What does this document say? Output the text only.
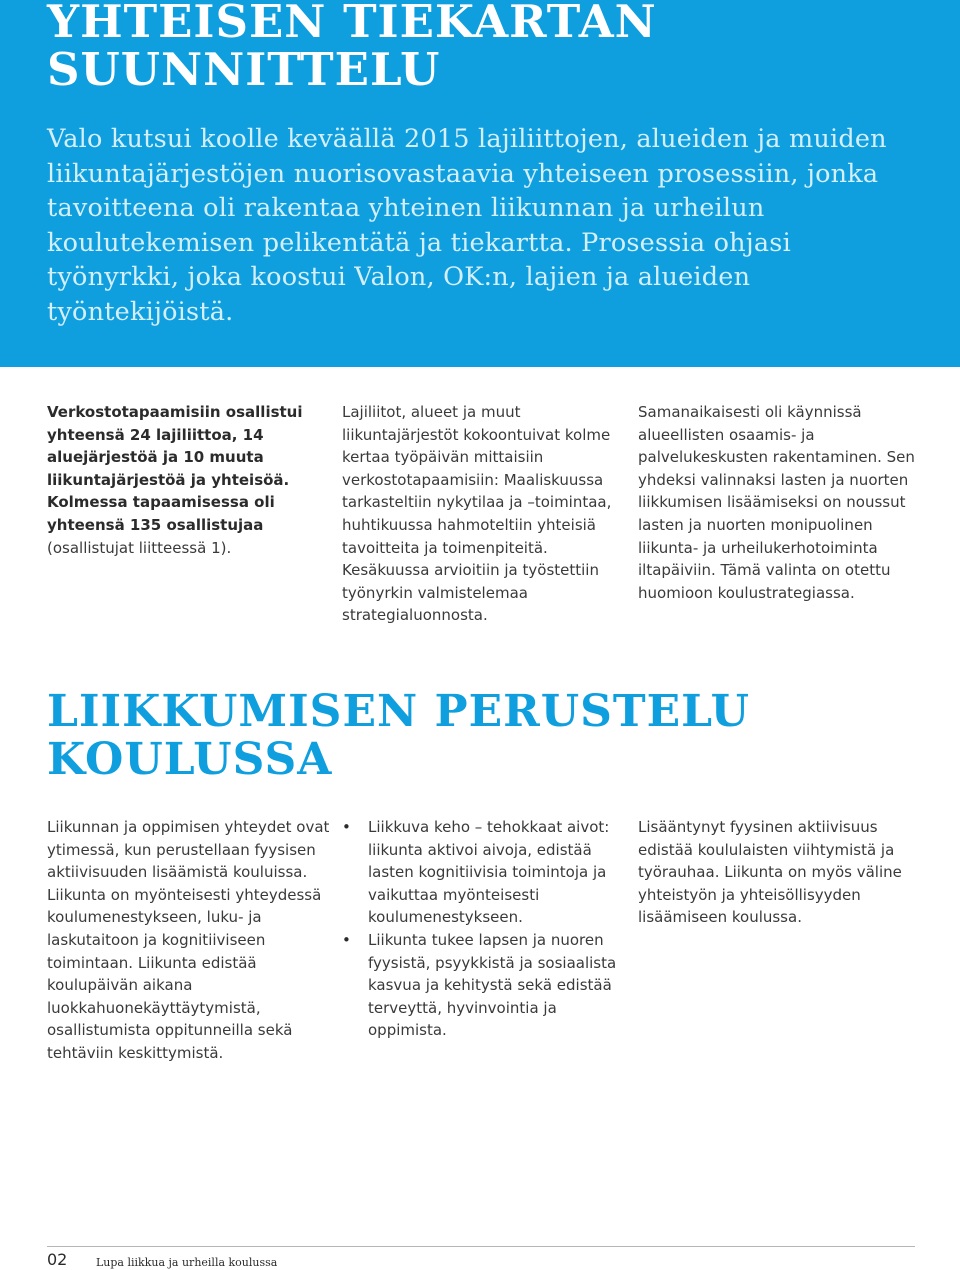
YHTEISEN TIEKARTAN SUUNNITTELU

Valo kutsui koolle keväällä 2015 lajiliittojen, alueiden ja muiden liikuntajärjestöjen nuorisovastaavia yhteiseen prosessiin, jonka tavoitteena oli rakentaa yhteinen liikunnan ja urheilun koulutekemisen pelikentätä ja tiekartta. Prosessia ohjasi työnyrkki, joka koostui Valon, OK:n, lajien ja alueiden työntekijöistä.

Verkostotapaamisiin osallistui yhteensä 24 lajiliittoa, 14 aluejärjestöä ja 10 muuta liikuntajärjestöä ja yhteisöä. Kolmessa tapaamisessa oli yhteensä 135 osallistujaa (osallistujat liitteessä 1).

Lajiliitot, alueet ja muut liikuntajärjestöt kokoontuivat kolme kertaa työpäivän mittaisiin verkostotapaamisiin: Maaliskuussa tarkasteltiin nykytilaa ja –toimintaa, huhtikuussa hahmoteltiin yhteisiä tavoitteita ja toimenpiteitä. Kesäkuussa arvioitiin ja työstettiin työnyrkin valmistelemaa strategialuonnosta.

Samanaikaisesti oli käynnissä alueellisten osaamis- ja palvelukeskusten rakentaminen. Sen yhdeksi valinnaksi lasten ja nuorten liikkumisen lisäämiseksi on noussut lasten ja nuorten monipuolinen liikunta- ja urheilukerhotoiminta iltapäiviin. Tämä valinta on otettu huomioon koulustrategiassa.

LIIKKUMISEN PERUSTELU KOULUSSA

Liikunnan ja oppimisen yhteydet ovat ytimessä, kun perustellaan fyysisen aktiivisuuden lisäämistä kouluissa. Liikunta on myönteisesti yhteydessä koulumenestykseen, luku- ja laskutaitoon ja kognitiiviseen toimintaan. Liikunta edistää koulupäivän aikana luokkahuonekäyttäytymistä, osallistumista oppitunneilla sekä tehtäviin keskittymistä.

• Liikkuva keho – tehokkaat aivot: liikunta aktivoi aivoja, edistää lasten kognitiivisia toimintoja ja vaikuttaa myönteisesti koulumenestykseen.
• Liikunta tukee lapsen ja nuoren fyysistä, psyykkistä ja sosiaalista kasvua ja kehitystä sekä edistää terveyttä, hyvinvointia ja oppimista.

Lisääntynyt fyysinen aktiivisuus edistää koululaisten viihtymistä ja työrauhaa. Liikunta on myös väline yhteistyön ja yhteisöllisyyden lisäämiseen koulussa.

02	Lupa liikkua ja urheilla koulussa
